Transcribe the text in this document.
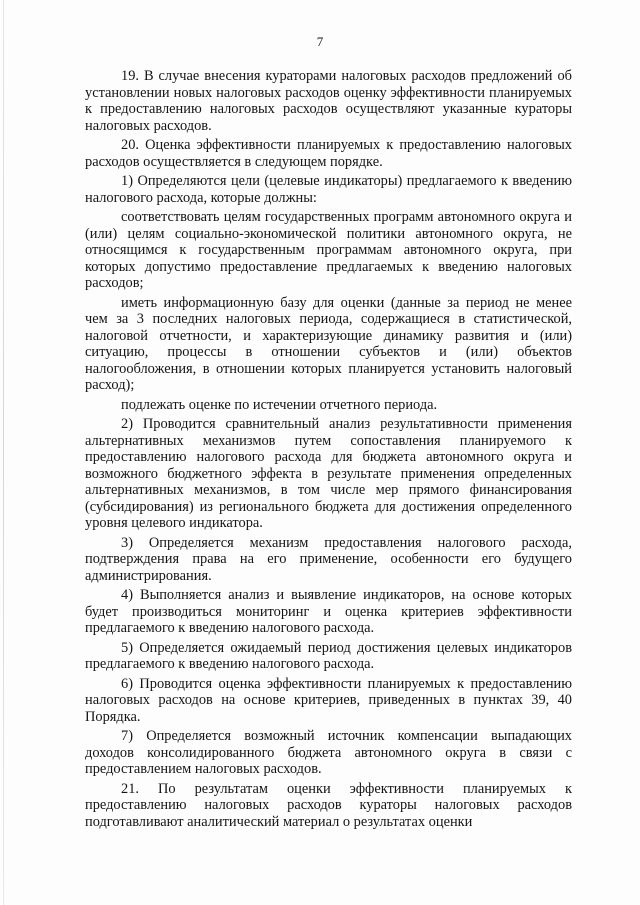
7

19. В случае внесения кураторами налоговых расходов предложений об установлении новых налоговых расходов оценку эффективности планируемых к предоставлению налоговых расходов осуществляют указанные кураторы налоговых расходов.

20. Оценка эффективности планируемых к предоставлению налоговых расходов осуществляется в следующем порядке.

1) Определяются цели (целевые индикаторы) предлагаемого к введению налогового расхода, которые должны:

соответствовать целям государственных программ автономного округа и (или) целям социально-экономической политики автономного округа, не относящимся к государственным программам автономного округа, при которых допустимо предоставление предлагаемых к введению налоговых расходов;

иметь информационную базу для оценки (данные за период не менее чем за 3 последних налоговых периода, содержащиеся в статистической, налоговой отчетности, и характеризующие динамику развития и (или) ситуацию, процессы в отношении субъектов и (или) объектов налогообложения, в отношении которых планируется установить налоговый расход);

подлежать оценке по истечении отчетного периода.

2) Проводится сравнительный анализ результативности применения альтернативных механизмов путем сопоставления планируемого к предоставлению налогового расхода для бюджета автономного округа и возможного бюджетного эффекта в результате применения определенных альтернативных механизмов, в том числе мер прямого финансирования (субсидирования) из регионального бюджета для достижения определенного уровня целевого индикатора.

3) Определяется механизм предоставления налогового расхода, подтверждения права на его применение, особенности его будущего администрирования.

4) Выполняется анализ и выявление индикаторов, на основе которых будет производиться мониторинг и оценка критериев эффективности предлагаемого к введению налогового расхода.

5) Определяется ожидаемый период достижения целевых индикаторов предлагаемого к введению налогового расхода.

6) Проводится оценка эффективности планируемых к предоставлению налоговых расходов на основе критериев, приведенных в пунктах 39, 40 Порядка.

7) Определяется возможный источник компенсации выпадающих доходов консолидированного бюджета автономного округа в связи с предоставлением налоговых расходов.

21. По результатам оценки эффективности планируемых к предоставлению налоговых расходов кураторы налоговых расходов подготавливают аналитический материал о результатах оценки
